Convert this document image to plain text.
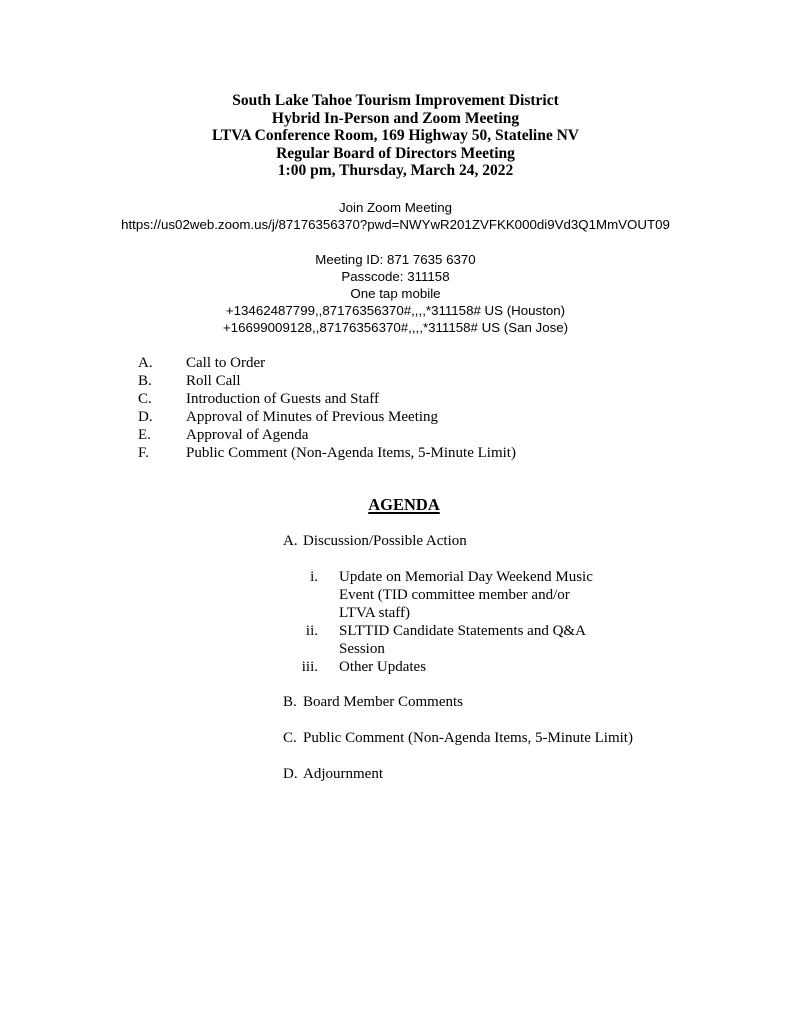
South Lake Tahoe Tourism Improvement District
Hybrid In-Person and Zoom Meeting
LTVA Conference Room, 169 Highway 50, Stateline NV
Regular Board of Directors Meeting
1:00 pm, Thursday, March 24, 2022
Join Zoom Meeting
https://us02web.zoom.us/j/87176356370?pwd=NWYwR201ZVFKK000di9Vd3Q1MmVOUT09
Meeting ID: 871 7635 6370
Passcode: 311158
One tap mobile
+13462487799,,87176356370#,,,,*311158# US (Houston)
+16699009128,,87176356370#,,,,*311158# US (San Jose)
A.	Call to Order
B.	Roll Call
C.	Introduction of Guests and Staff
D.	Approval of Minutes of Previous Meeting
E.	Approval of Agenda
F.	Public Comment (Non-Agenda Items, 5-Minute Limit)
AGENDA
A. Discussion/Possible Action
i. Update on Memorial Day Weekend Music Event (TID committee member and/or LTVA staff)
ii. SLTTID Candidate Statements and Q&A Session
iii. Other Updates
B. Board Member Comments
C. Public Comment (Non-Agenda Items, 5-Minute Limit)
D. Adjournment
